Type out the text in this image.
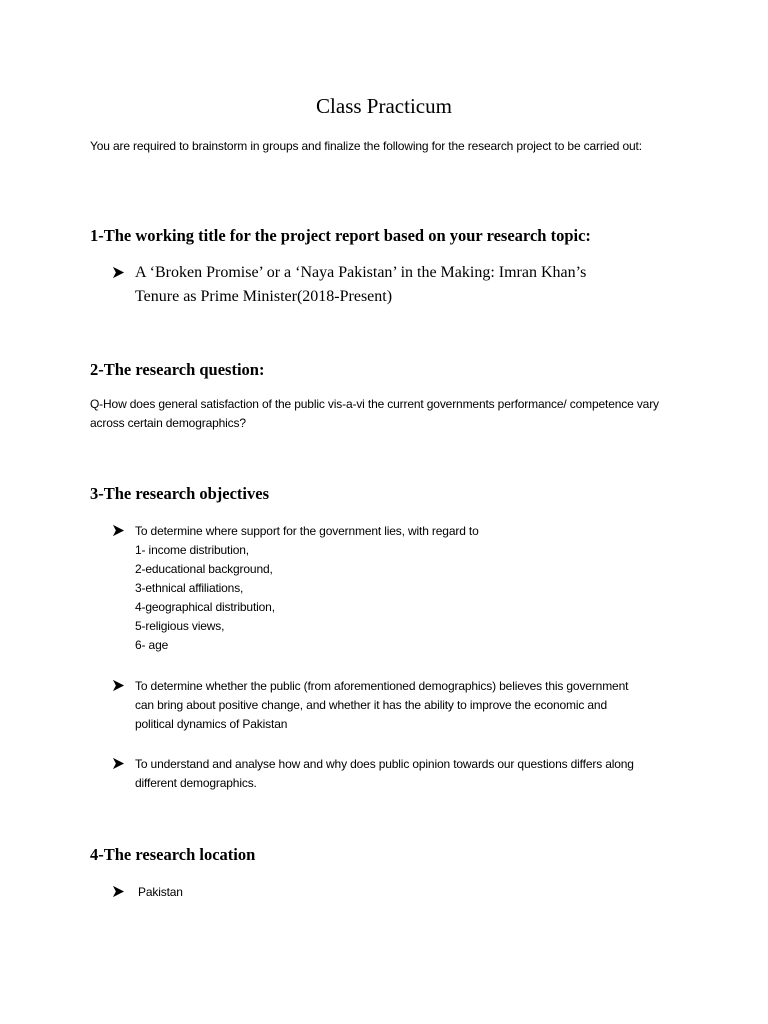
Class Practicum

You are required to brainstorm in groups and finalize the following for the research project to be carried out:

1-The working title for the project report based on your research topic:
A ‘Broken Promise’ or a ‘Naya Pakistan’ in the Making: Imran Khan’s
Tenure as Prime Minister(2018-Present)
2-The research question:

Q-How does general satisfaction of the public vis-a-vi the current governments performance/ competence vary across certain demographics?

3-The research objectives
To determine where support for the government lies, with regard to
1- income distribution,
2-educational background,
3-ethnical affiliations,
4-geographical distribution,
5-religious views,
6- age
To determine whether the public (from aforementioned demographics) believes this government
can bring about positive change, and whether it has the ability to improve the economic and
political dynamics of Pakistan
To understand and analyse how and why does public opinion towards our questions differs along
different demographics.
4-The research location
Pakistan
